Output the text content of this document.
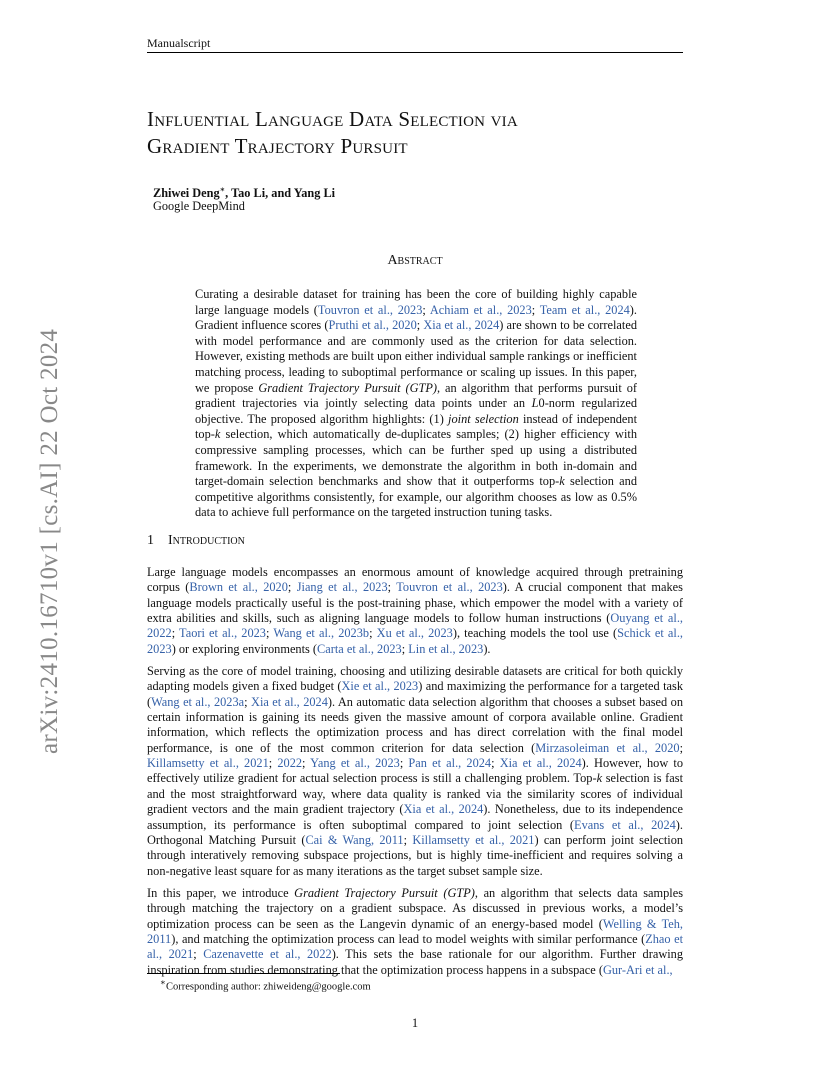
Manualscript
Influential Language Data Selection via
Gradient Trajectory Pursuit
Zhiwei Deng∗, Tao Li, and Yang Li
Google DeepMind
Abstract
Curating a desirable dataset for training has been the core of building highly capable large language models (Touvron et al., 2023; Achiam et al., 2023; Team et al., 2024). Gradient influence scores (Pruthi et al., 2020; Xia et al., 2024) are shown to be correlated with model performance and are commonly used as the criterion for data selection. However, existing methods are built upon either individual sample rankings or inefficient matching process, leading to suboptimal performance or scaling up issues. In this paper, we propose Gradient Trajectory Pursuit (GTP), an algorithm that performs pursuit of gradient trajectories via jointly selecting data points under an L0-norm regularized objective. The proposed algorithm highlights: (1) joint selection instead of independent top-k selection, which automatically de-duplicates samples; (2) higher efficiency with compressive sampling processes, which can be further sped up using a distributed framework. In the experiments, we demonstrate the algorithm in both in-domain and target-domain selection benchmarks and show that it outperforms top-k selection and competitive algorithms consistently, for example, our algorithm chooses as low as 0.5% data to achieve full performance on the targeted instruction tuning tasks.
1 Introduction

Large language models encompasses an enormous amount of knowledge acquired through pretraining corpus (Brown et al., 2020; Jiang et al., 2023; Touvron et al., 2023). A crucial component that makes language models practically useful is the post-training phase, which empower the model with a variety of extra abilities and skills, such as aligning language models to follow human instructions (Ouyang et al., 2022; Taori et al., 2023; Wang et al., 2023b; Xu et al., 2023), teaching models the tool use (Schick et al., 2023) or exploring environments (Carta et al., 2023; Lin et al., 2023).

Serving as the core of model training, choosing and utilizing desirable datasets are critical for both quickly adapting models given a fixed budget (Xie et al., 2023) and maximizing the performance for a targeted task (Wang et al., 2023a; Xia et al., 2024). An automatic data selection algorithm that chooses a subset based on certain information is gaining its needs given the massive amount of corpora available online. Gradient information, which reflects the optimization process and has direct correlation with the final model performance, is one of the most common criterion for data selection (Mirzasoleiman et al., 2020; Killamsetty et al., 2021; 2022; Yang et al., 2023; Pan et al., 2024; Xia et al., 2024). However, how to effectively utilize gradient for actual selection process is still a challenging problem. Top-k selection is fast and the most straightforward way, where data quality is ranked via the similarity scores of individual gradient vectors and the main gradient trajectory (Xia et al., 2024). Nonetheless, due to its independence assumption, its performance is often suboptimal compared to joint selection (Evans et al., 2024). Orthogonal Matching Pursuit (Cai & Wang, 2011; Killamsetty et al., 2021) can perform joint selection through interatively removing subspace projections, but is highly time-inefficient and requires solving a non-negative least square for as many iterations as the target subset sample size.

In this paper, we introduce Gradient Trajectory Pursuit (GTP), an algorithm that selects data samples through matching the trajectory on a gradient subspace. As discussed in previous works, a model’s optimization process can be seen as the Langevin dynamic of an energy-based model (Welling & Teh, 2011), and matching the optimization process can lead to model weights with similar performance (Zhao et al., 2021; Cazenavette et al., 2022). This sets the base rationale for our algorithm. Further drawing inspiration from studies demonstrating that the optimization process happens in a subspace (Gur-Ari et al.,

∗Corresponding author: zhiweideng@google.com
1
arXiv:2410.16710v1 [cs.AI] 22 Oct 2024
